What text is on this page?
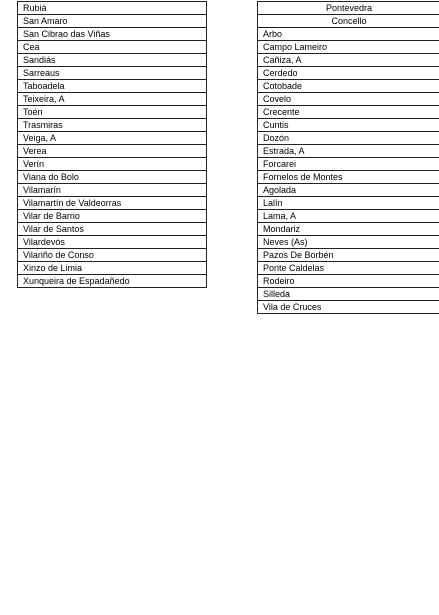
Rubiá
San Amaro
San Cibrao das Viñas
Cea
Sandiás
Sarreaus
Taboadela
Teixeira, A
Toén
Trasmiras
Veiga, A
Verea
Verín
Viana do Bolo
Vilamarín
Vilamartín de Valdeorras
Vilar de Barrio
Vilar de Santos
Vilardevós
Vilariño de Conso
Xinzo de Limia
Xunqueira de Espadañedo
Pontevedra
Concello
Arbo
Campo Lameiro
Cañiza, A
Cerdedo
Cotobade
Covelo
Crecente
Cuntis
Dozón
Estrada, A
Forcarei
Fornelos de Montes
Agolada
Lalín
Lama, A
Mondariz
Neves (As)
Pazos De Borbén
Ponte Caldelas
Rodeiro
Silleda
Vila de Cruces
